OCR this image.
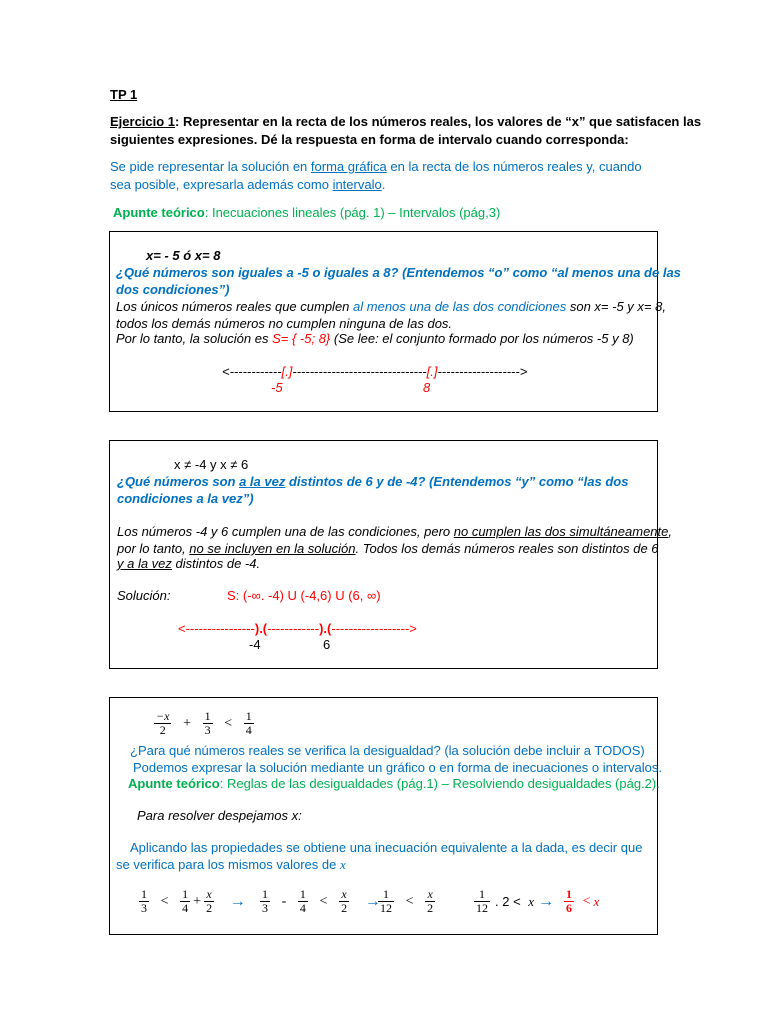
TP 1
Ejercicio 1: Representar en la recta de los números reales, los valores de “x” que satisfacen las
siguientes expresiones. Dé la respuesta en forma de intervalo cuando corresponda:
Se pide representar la solución en forma gráfica en la recta de los números reales y, cuando
sea posible, expresarla además como intervalo.
Apunte teórico: Inecuaciones lineales (pág. 1) – Intervalos (pág,3)
x= - 5 ó x= 8
¿Qué números son iguales a -5 o iguales a 8? (Entendemos “o” como “al menos una de las
dos condiciones”)
Los únicos números reales que cumplen al menos una de las dos condiciones son x= -5 y x= 8,
todos los demás números no cumplen ninguna de las dos.
Por lo tanto, la solución es S= { -5; 8} (Se lee: el conjunto formado por los números -5 y 8)
<------------[.]-------------------------------[.]------------------->
-5	8
x ≠ -4 y x ≠ 6
¿Qué números son a la vez distintos de 6 y de -4? (Entendemos “y” como “las dos
condiciones a la vez”)
Los números -4 y 6 cumplen una de las condiciones, pero no cumplen las dos simultáneamente,
por lo tanto, no se incluyen en la solución. Todos los demás números reales son distintos de 6
y a la vez distintos de -4.
Solución:	S: (-∞. -4) U (-4,6) U (6, ∞)
<----------------).(------------).(------------------>
-4	6
$\frac{-x}{2} + \frac{1}{3} < \frac{1}{4}$
¿Para qué números reales se verifica la desigualdad? (la solución debe incluir a TODOS)
Podemos expresar la solución mediante un gráfico o en forma de inecuaciones o intervalos.
Apunte teórico: Reglas de las desigualdades (pág.1) – Resolviendo desigualdades (pág.2).
Para resolver despejamos x:
Aplicando las propiedades se obtiene una inecuación equivalente a la dada, es decir que
se verifica para los mismos valores de x
$\frac{1}{3} < \frac{1}{4} + \frac{x}{2}$ →	$\frac{1}{3} - \frac{1}{4} < \frac{x}{2}$ →
$\frac{1}{12} < \frac{x}{2}$	$\frac{1}{12}$ . $2 < x \to \frac{1}{6} < x$
